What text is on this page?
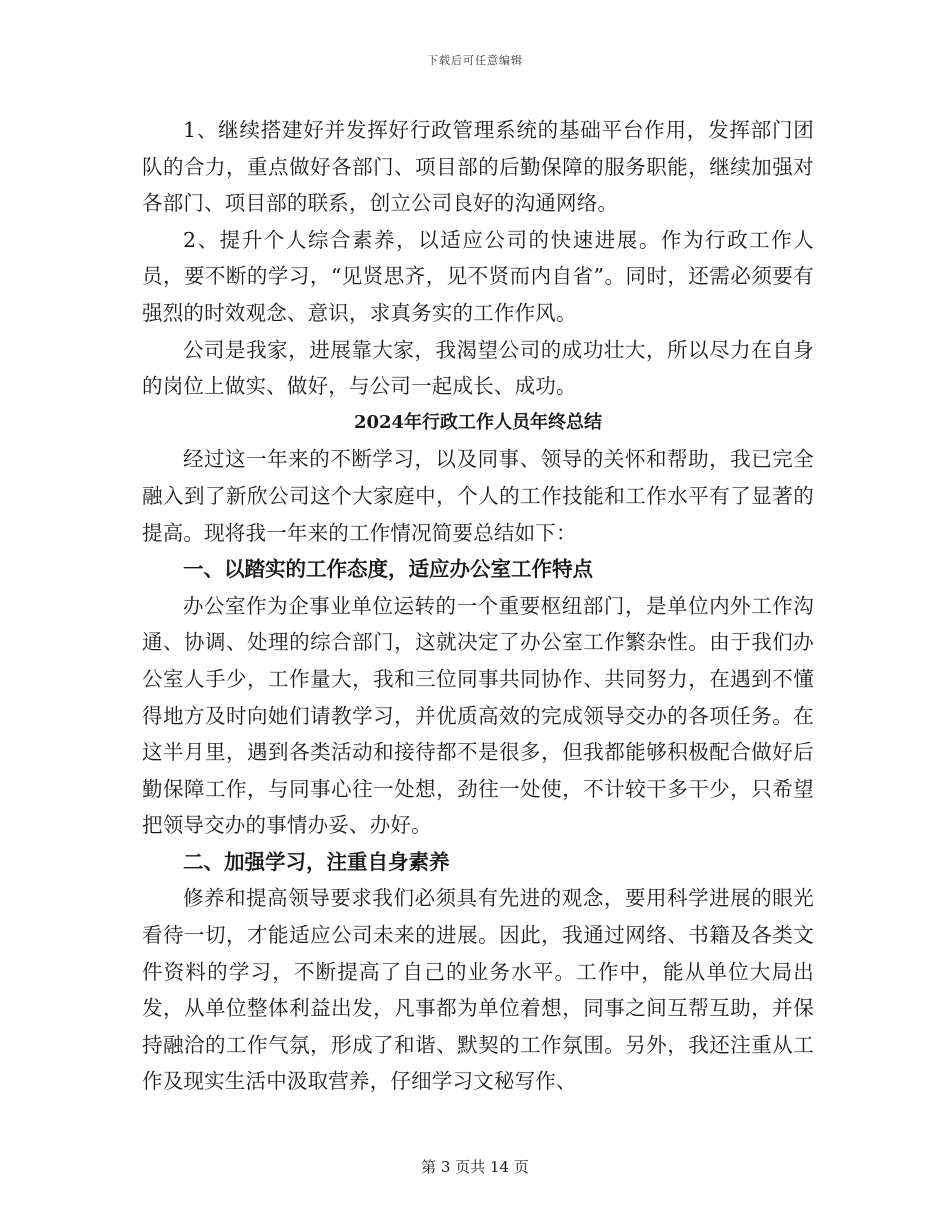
下载后可任意编辑

1、继续搭建好并发挥好行政管理系统的基础平台作用，发挥部门团队的合力，重点做好各部门、项目部的后勤保障的服务职能，继续加强对各部门、项目部的联系，创立公司良好的沟通网络。

2、提升个人综合素养，以适应公司的快速进展。作为行政工作人员，要不断的学习，“见贤思齐，见不贤而内自省”。同时，还需必须要有强烈的时效观念、意识，求真务实的工作作风。

公司是我家，进展靠大家，我渴望公司的成功壮大，所以尽力在自身的岗位上做实、做好，与公司一起成长、成功。

2024年行政工作人员年终总结

经过这一年来的不断学习，以及同事、领导的关怀和帮助，我已完全融入到了新欣公司这个大家庭中，个人的工作技能和工作水平有了显著的提高。现将我一年来的工作情况简要总结如下：

一、以踏实的工作态度，适应办公室工作特点

办公室作为企事业单位运转的一个重要枢纽部门，是单位内外工作沟通、协调、处理的综合部门，这就决定了办公室工作繁杂性。由于我们办公室人手少，工作量大，我和三位同事共同协作、共同努力，在遇到不懂得地方及时向她们请教学习，并优质高效的完成领导交办的各项任务。在这半月里，遇到各类活动和接待都不是很多，但我都能够积极配合做好后勤保障工作，与同事心往一处想，劲往一处使，不计较干多干少，只希望把领导交办的事情办妥、办好。

二、加强学习，注重自身素养

修养和提高领导要求我们必须具有先进的观念，要用科学进展的眼光看待一切，才能适应公司未来的进展。因此，我通过网络、书籍及各类文件资料的学习，不断提高了自己的业务水平。工作中，能从单位大局出发，从单位整体利益出发，凡事都为单位着想，同事之间互帮互助，并保持融洽的工作气氛，形成了和谐、默契的工作氛围。另外，我还注重从工作及现实生活中汲取营养，仔细学习文秘写作、

第 3 页共 14 页
